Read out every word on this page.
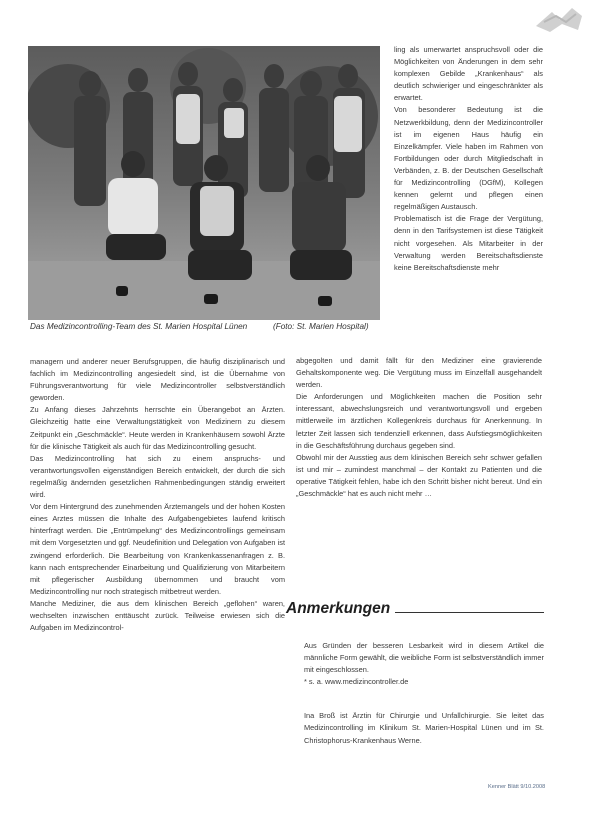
Das Medizincontrolling-Team des St. Marien Hospital Lünen	(Foto: St. Marien Hospital)

ling als umerwartet anspruchsvoll oder die Möglichkeiten von Änderungen in dem sehr komplexen Gebilde „Krankenhaus“ als deutlich schwieriger und eingeschränkter als erwartet.

Von besonderer Bedeutung ist die Netzwerkbildung, denn der Medizincontroller ist im eigenen Haus häufig ein Einzelkämpfer. Viele haben im Rahmen von Fortbildungen oder durch Mitgliedschaft in Verbänden, z. B. der Deutschen Gesellschaft für Medizincontrolling (DGfM), Kollegen kennen gelernt und pflegen einen regelmäßigen Austausch.

Problematisch ist die Frage der Vergütung, denn in den Tarifsystemen ist diese Tätigkeit nicht vorgesehen. Als Mitarbeiter in der Verwaltung werden Bereitschaftsdienste keine Bereitschaftsdienste mehr

managern und anderer neuer Berufsgruppen, die häufig disziplinarisch und fachlich im Medizincontrolling angesiedelt sind, ist die Übernahme von Führungsverantwortung für viele Medizincontroller selbstverständlich geworden.

Zu Anfang dieses Jahrzehnts herrschte ein Überangebot an Ärzten. Gleichzeitig hatte eine Verwaltungstätigkeit von Medizinern zu diesem Zeitpunkt ein „Geschmäckle“. Heute werden in Krankenhäusern sowohl Ärzte für die klinische Tätigkeit als auch für das Medizincontrolling gesucht.

Das Medizincontrolling hat sich zu einem anspruchs- und verantwortungsvollen eigenständigen Bereich entwickelt, der durch die sich regelmäßig ändernden gesetzlichen Rahmenbedingungen ständig erweitert wird.

Vor dem Hintergrund des zunehmenden Ärztemangels und der hohen Kosten eines Arztes müssen die Inhalte des Aufgabengebietes laufend kritisch hinterfragt werden. Die „Entrümpelung“ des Medizincontrollings gemeinsam mit dem Vorgesetzten und ggf. Neudefinition und Delegation von Aufgaben ist zwingend erforderlich. Die Bearbeitung von Krankenkassenanfragen z. B. kann nach entsprechender Einarbeitung und Qualifizierung von Mitarbeitern mit pflegerischer Ausbildung übernommen und braucht vom Medizincontrolling nur noch strategisch mitbetreut werden.

Manche Mediziner, die aus dem klinischen Bereich „geflohen“ waren, wechselten inzwischen enttäuscht zurück. Teilweise erwiesen sich die Aufgaben im Medizincontrol-

abgegolten und damit fällt für den Mediziner eine gravierende Gehaltskomponente weg. Die Vergütung muss im Einzelfall ausgehandelt werden.

Die Anforderungen und Möglichkeiten machen die Position sehr interessant, abwechslungsreich und verantwortungsvoll und ergeben mittlerweile im ärztlichen Kollegenkreis durchaus für Anerkennung. In letzter Zeit lassen sich tendenziell erkennen, dass Aufstiegsmöglichkeiten in die Geschäftsführung durchaus gegeben sind.

Obwohl mir der Ausstieg aus dem klinischen Bereich sehr schwer gefallen ist und mir – zumindest manchmal – der Kontakt zu Patienten und die operative Tätigkeit fehlen, habe ich den Schritt bisher nicht bereut. Und ein „Geschmäckle“ hat es auch nicht mehr …

Anmerkungen

Aus Gründen der besseren Lesbarkeit wird in diesem Artikel die männliche Form gewählt, die weibliche Form ist selbstverständlich immer mit eingeschlossen.

* s. a. www.medizincontroller.de

Ina Broß ist Ärztin für Chirurgie und Unfallchirurgie. Sie leitet das Medizincontrolling im Klinikum St. Marien-Hospital Lünen und im St. Christophorus-Krankenhaus Werne.

Kenner Blätt 9/10.2008
